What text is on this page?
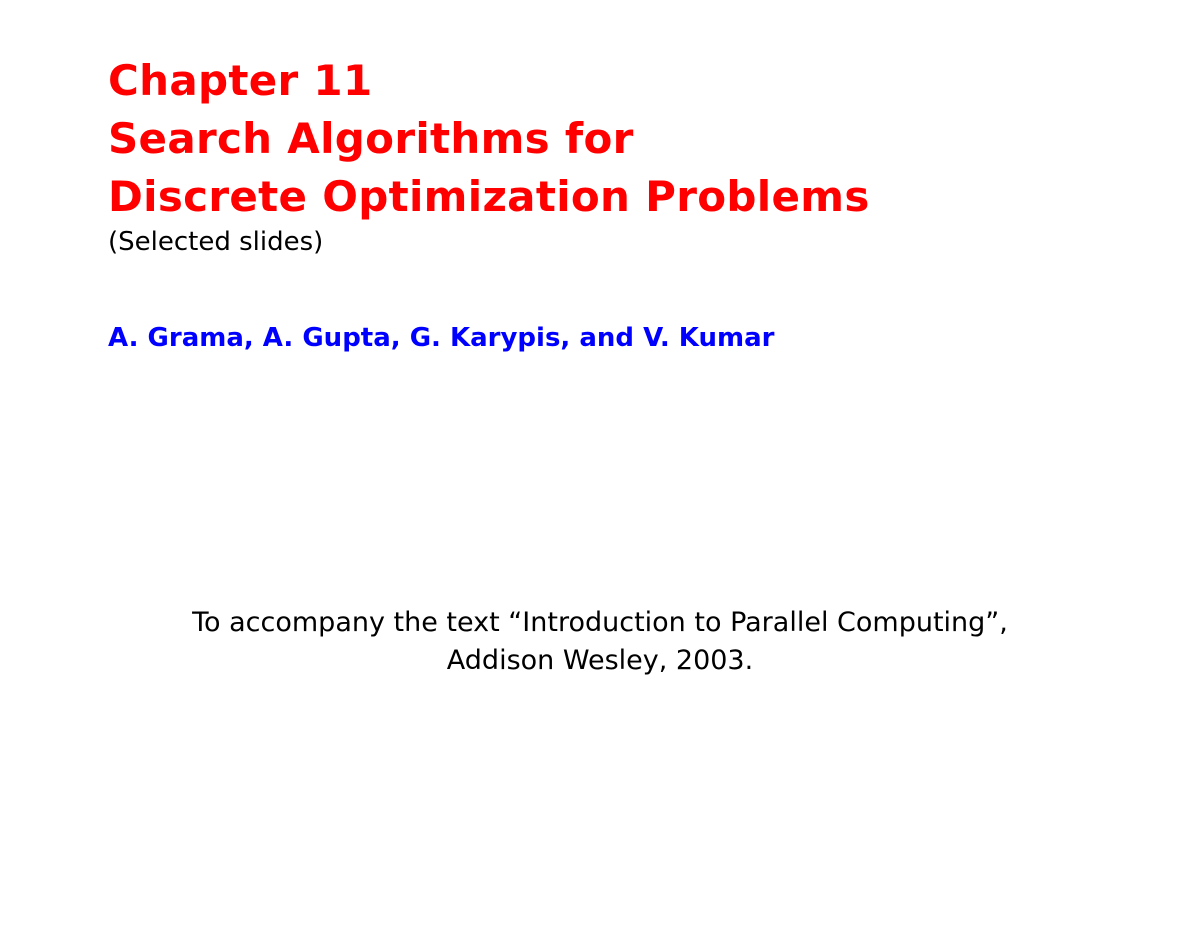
Chapter 11
Search Algorithms for
Discrete Optimization Problems
(Selected slides)
A. Grama, A. Gupta, G. Karypis, and V. Kumar
To accompany the text “Introduction to Parallel Computing”,
Addison Wesley, 2003.
